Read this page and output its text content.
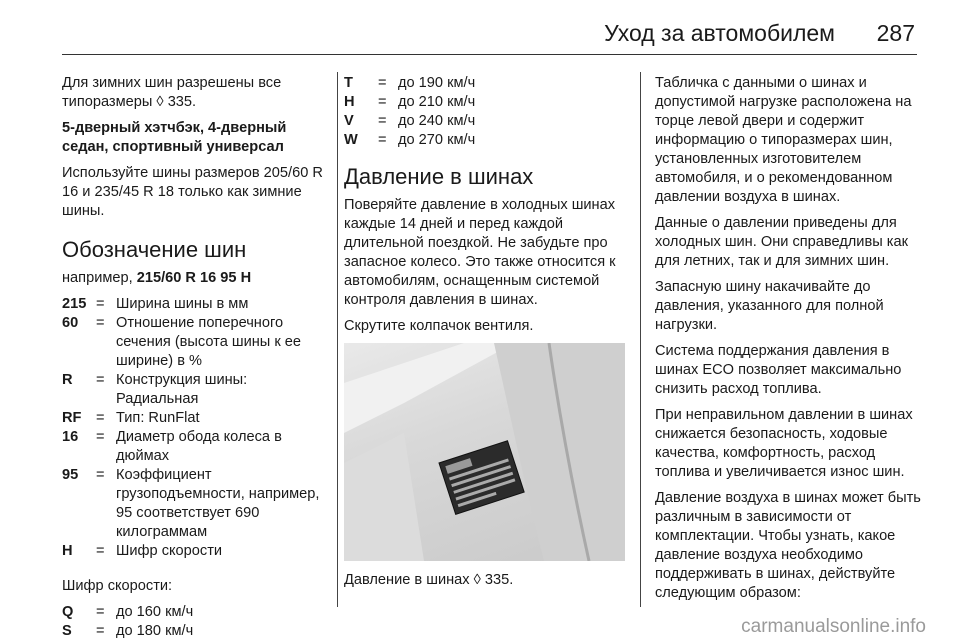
Уход за автомобилем 287

Для зимних шин разрешены все типоразмеры ◊ 335.

5-дверный хэтчбэк, 4-дверный седан, спортивный универсал

Используйте шины размеров 205/60 R 16 и 235/45 R 18 только как зимние шины.

Обозначение шин

например, 215/60 R 16 95 H

215 = Ширина шины в мм
60	= Отношение поперечного сечения (высота шины к ее ширине) в %
R	= Конструкция шины: Радиальная
RF = Тип: RunFlat
16	= Диаметр обода колеса в дюймах
95	= Коэффициент грузоподъемности, например, 95 соответствует 690 килограммам
H	= Шифр скорости

Шифр скорости:

Q	= до 160 км/ч
S	= до 180 км/ч
T	= до 190 км/ч
H	= до 210 км/ч
V	= до 240 км/ч
W	= до 270 км/ч
Давление в шинах

Поверяйте давление в холодных шинах каждые 14 дней и перед каждой длительной поездкой. Не забудьте про запасное колесо. Это также относится к автомобилям, оснащенным системой контроля давления в шинах.

Скрутите колпачок вентиля.

Давление в шинах ◊ 335.

Табличка с данными о шинах и допустимой нагрузке расположена на торце левой двери и содержит информацию о типоразмерах шин, установленных изготовителем автомобиля, и о рекомендованном давлении воздуха в шинах.

Данные о давлении приведены для холодных шин. Они справедливы как для летних, так и для зимних шин.

Запасную шину накачивайте до давления, указанного для полной нагрузки.

Система поддержания давления в шинах ECO позволяет максимально снизить расход топлива.

При неправильном давлении в шинах снижается безопасность, ходовые качества, комфортность, расход топлива и увеличивается износ шин.

Давление воздуха в шинах может быть различным в зависимости от комплектации. Чтобы узнать, какое давление воздуха необходимо поддерживать в шинах, действуйте следующим образом:

carmanualsonline.info
